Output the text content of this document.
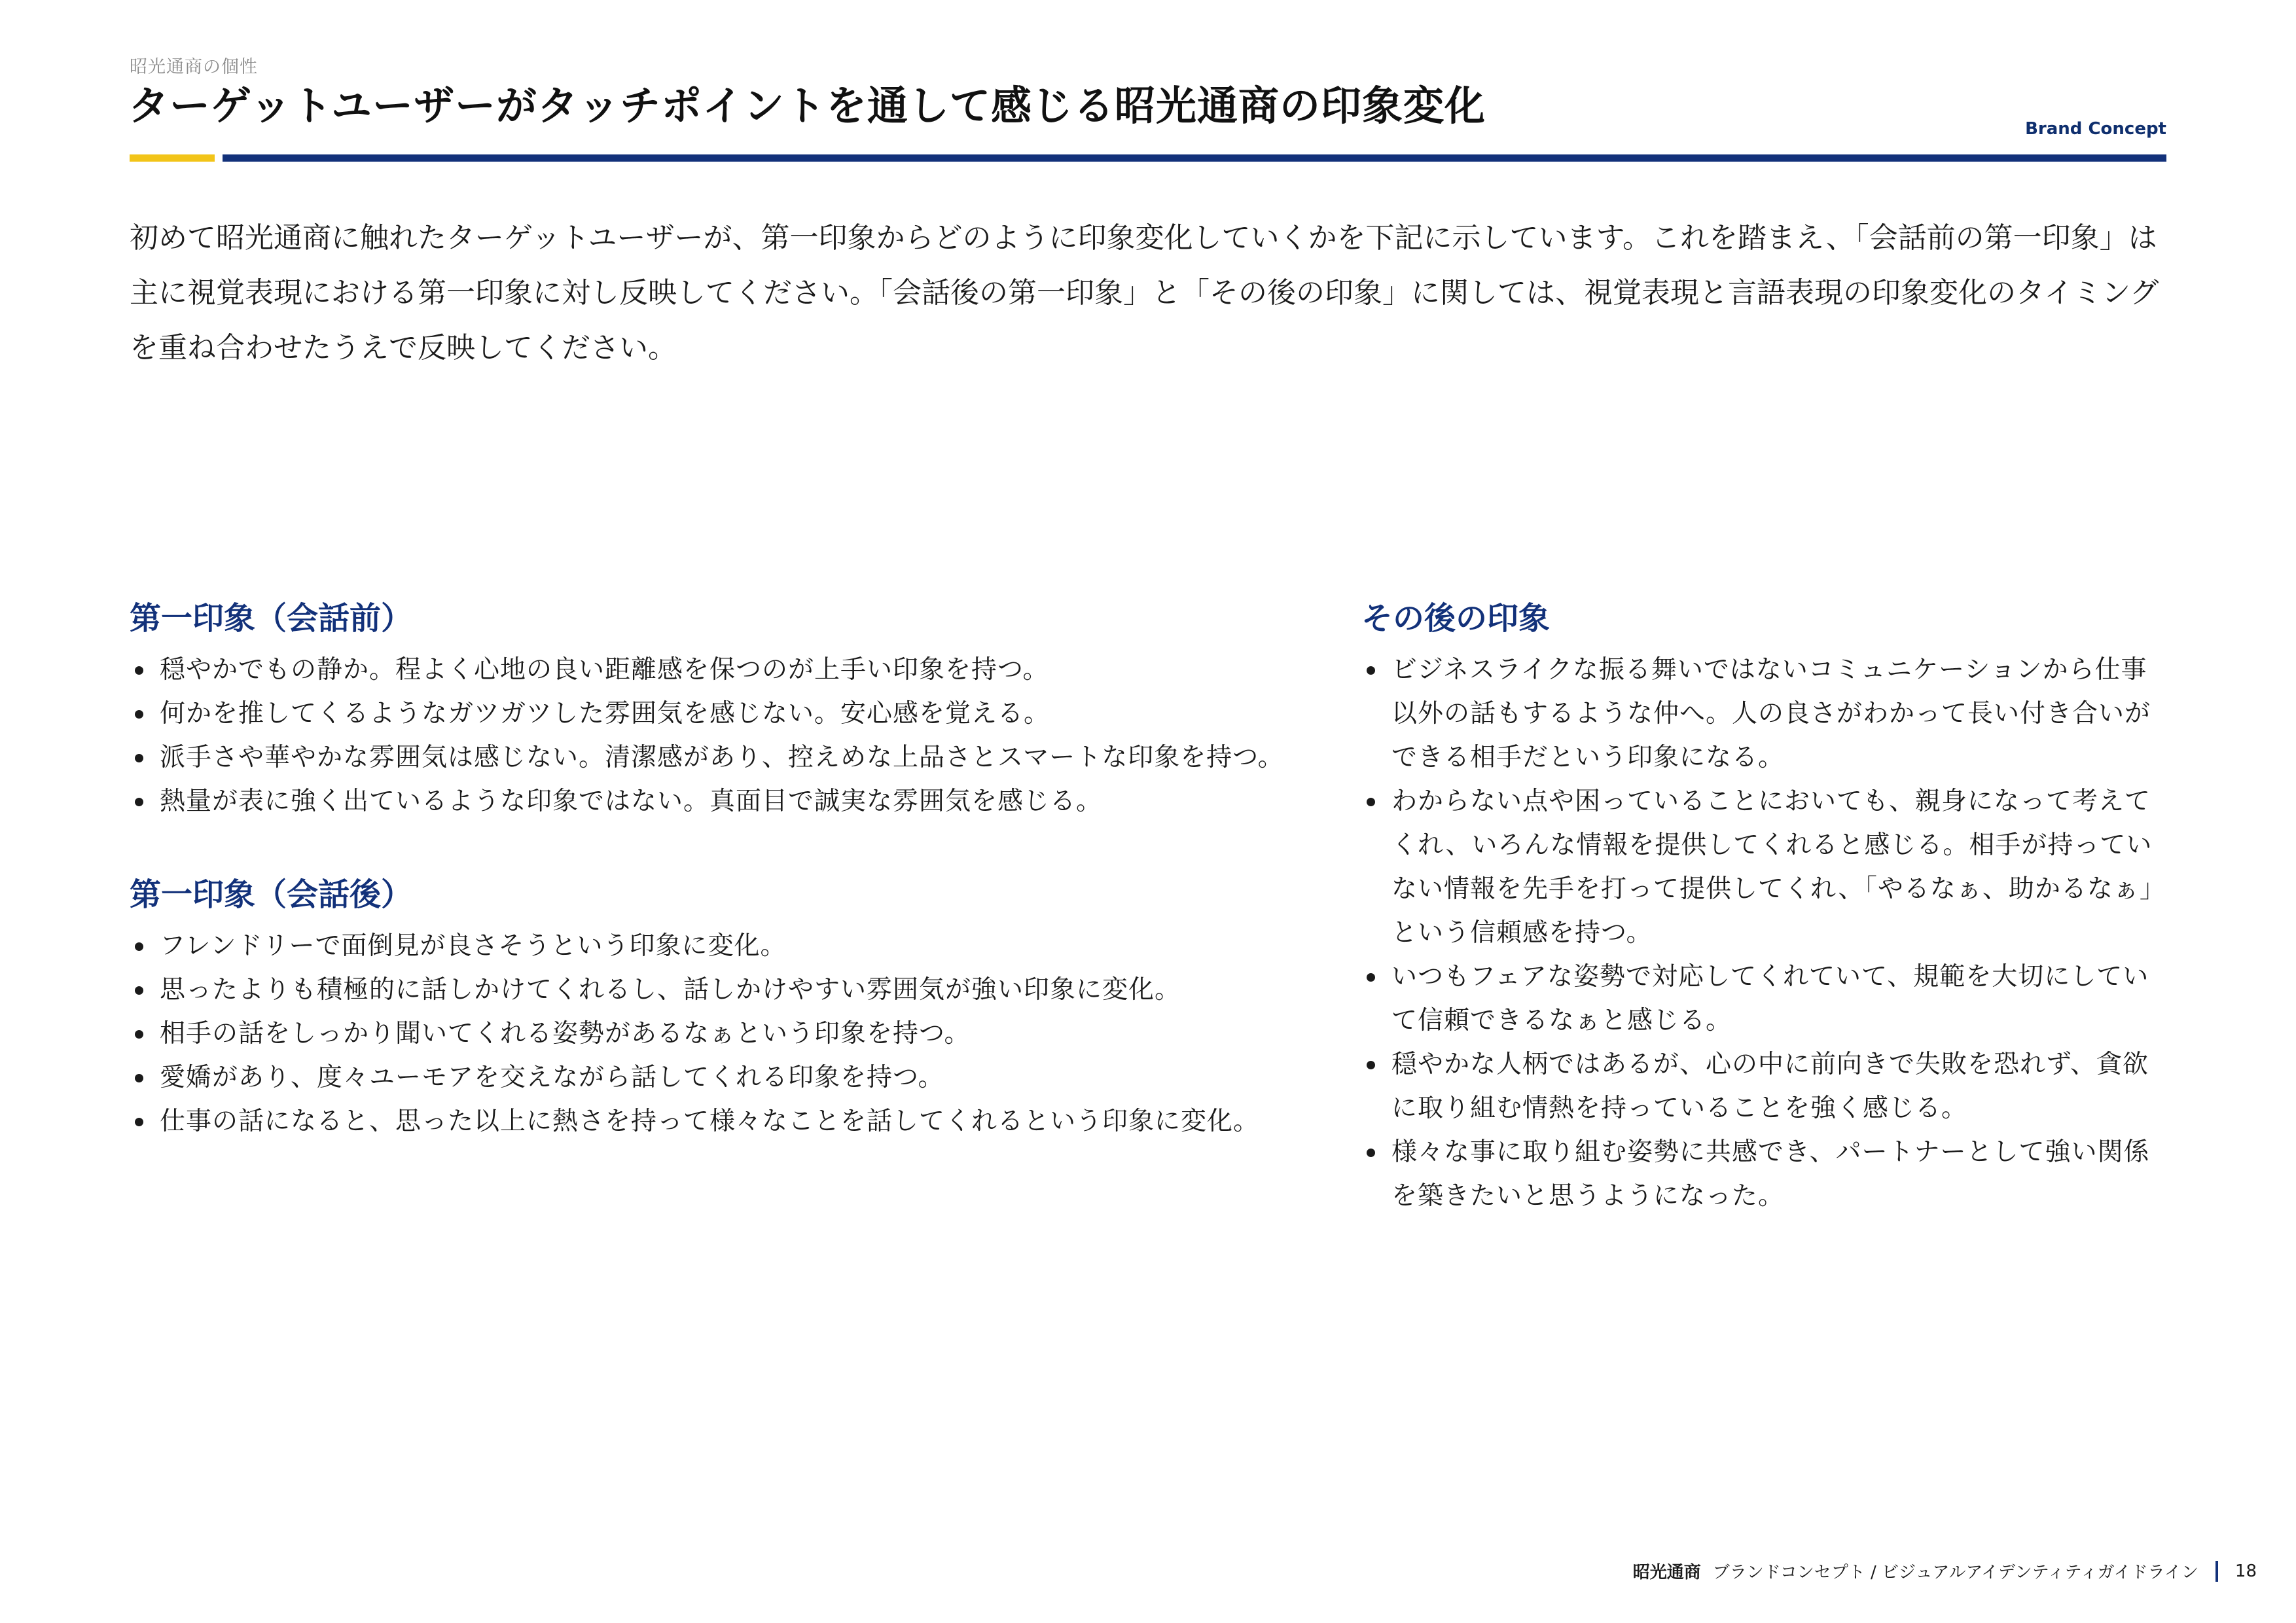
昭光通商の個性
ターゲットユーザーがタッチポイントを通して感じる昭光通商の印象変化	Brand Concept

初めて昭光通商に触れたターゲットユーザーが、第一印象からどのように印象変化していくかを下記に示しています。これを踏まえ、「会話前の第一印象」は主に視覚表現における第一印象に対し反映してください。「会話後の第一印象」と「その後の印象」に関しては、視覚表現と言語表現の印象変化のタイミングを重ね合わせたうえで反映してください。

第一印象（会話前）
穏やかでもの静か。程よく心地の良い距離感を保つのが上手い印象を持つ。
何かを推してくるようなガツガツした雰囲気を感じない。安心感を覚える。
派手さや華やかな雰囲気は感じない。清潔感があり、控えめな上品さとスマートな印象を持つ。
熱量が表に強く出ているような印象ではない。真面目で誠実な雰囲気を感じる。
第一印象（会話後）
フレンドリーで面倒見が良さそうという印象に変化。
思ったよりも積極的に話しかけてくれるし、話しかけやすい雰囲気が強い印象に変化。
相手の話をしっかり聞いてくれる姿勢があるなぁという印象を持つ。
愛嬌があり、度々ユーモアを交えながら話してくれる印象を持つ。
仕事の話になると、思った以上に熱さを持って様々なことを話してくれるという印象に変化。
その後の印象
ビジネスライクな振る舞いではないコミュニケーションから仕事以外の話もするような仲へ。人の良さがわかって長い付き合いができる相手だという印象になる。
わからない点や困っていることにおいても、親身になって考えてくれ、いろんな情報を提供してくれると感じる。相手が持っていない情報を先手を打って提供してくれ、「やるなぁ、助かるなぁ」という信頼感を持つ。
いつもフェアな姿勢で対応してくれていて、規範を大切にしていて信頼できるなぁと感じる。
穏やかな人柄ではあるが、心の中に前向きで失敗を恐れず、貪欲に取り組む情熱を持っていることを強く感じる。
様々な事に取り組む姿勢に共感でき、パートナーとして強い関係を築きたいと思うようになった。
昭光通商 ブランドコンセプト / ビジュアルアイデンティティガイドライン 18
